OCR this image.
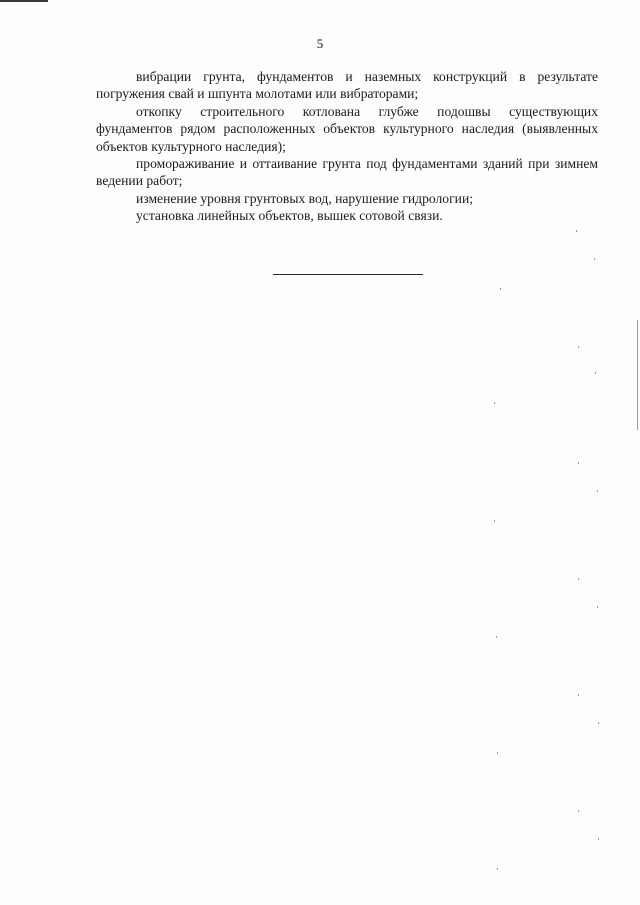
5

вибрации грунта, фундаментов и наземных конструкций в результате погружения свай и шпунта молотами или вибраторами;

откопку строительного котлована глубже подошвы существующих фундаментов рядом расположенных объектов культурного наследия (выявленных объектов культурного наследия);

промораживание и оттаивание грунта под фундаментами зданий при зимнем ведении работ;

изменение уровня грунтовых вод, нарушение гидрологии;

установка линейных объектов, вышек сотовой связи.
